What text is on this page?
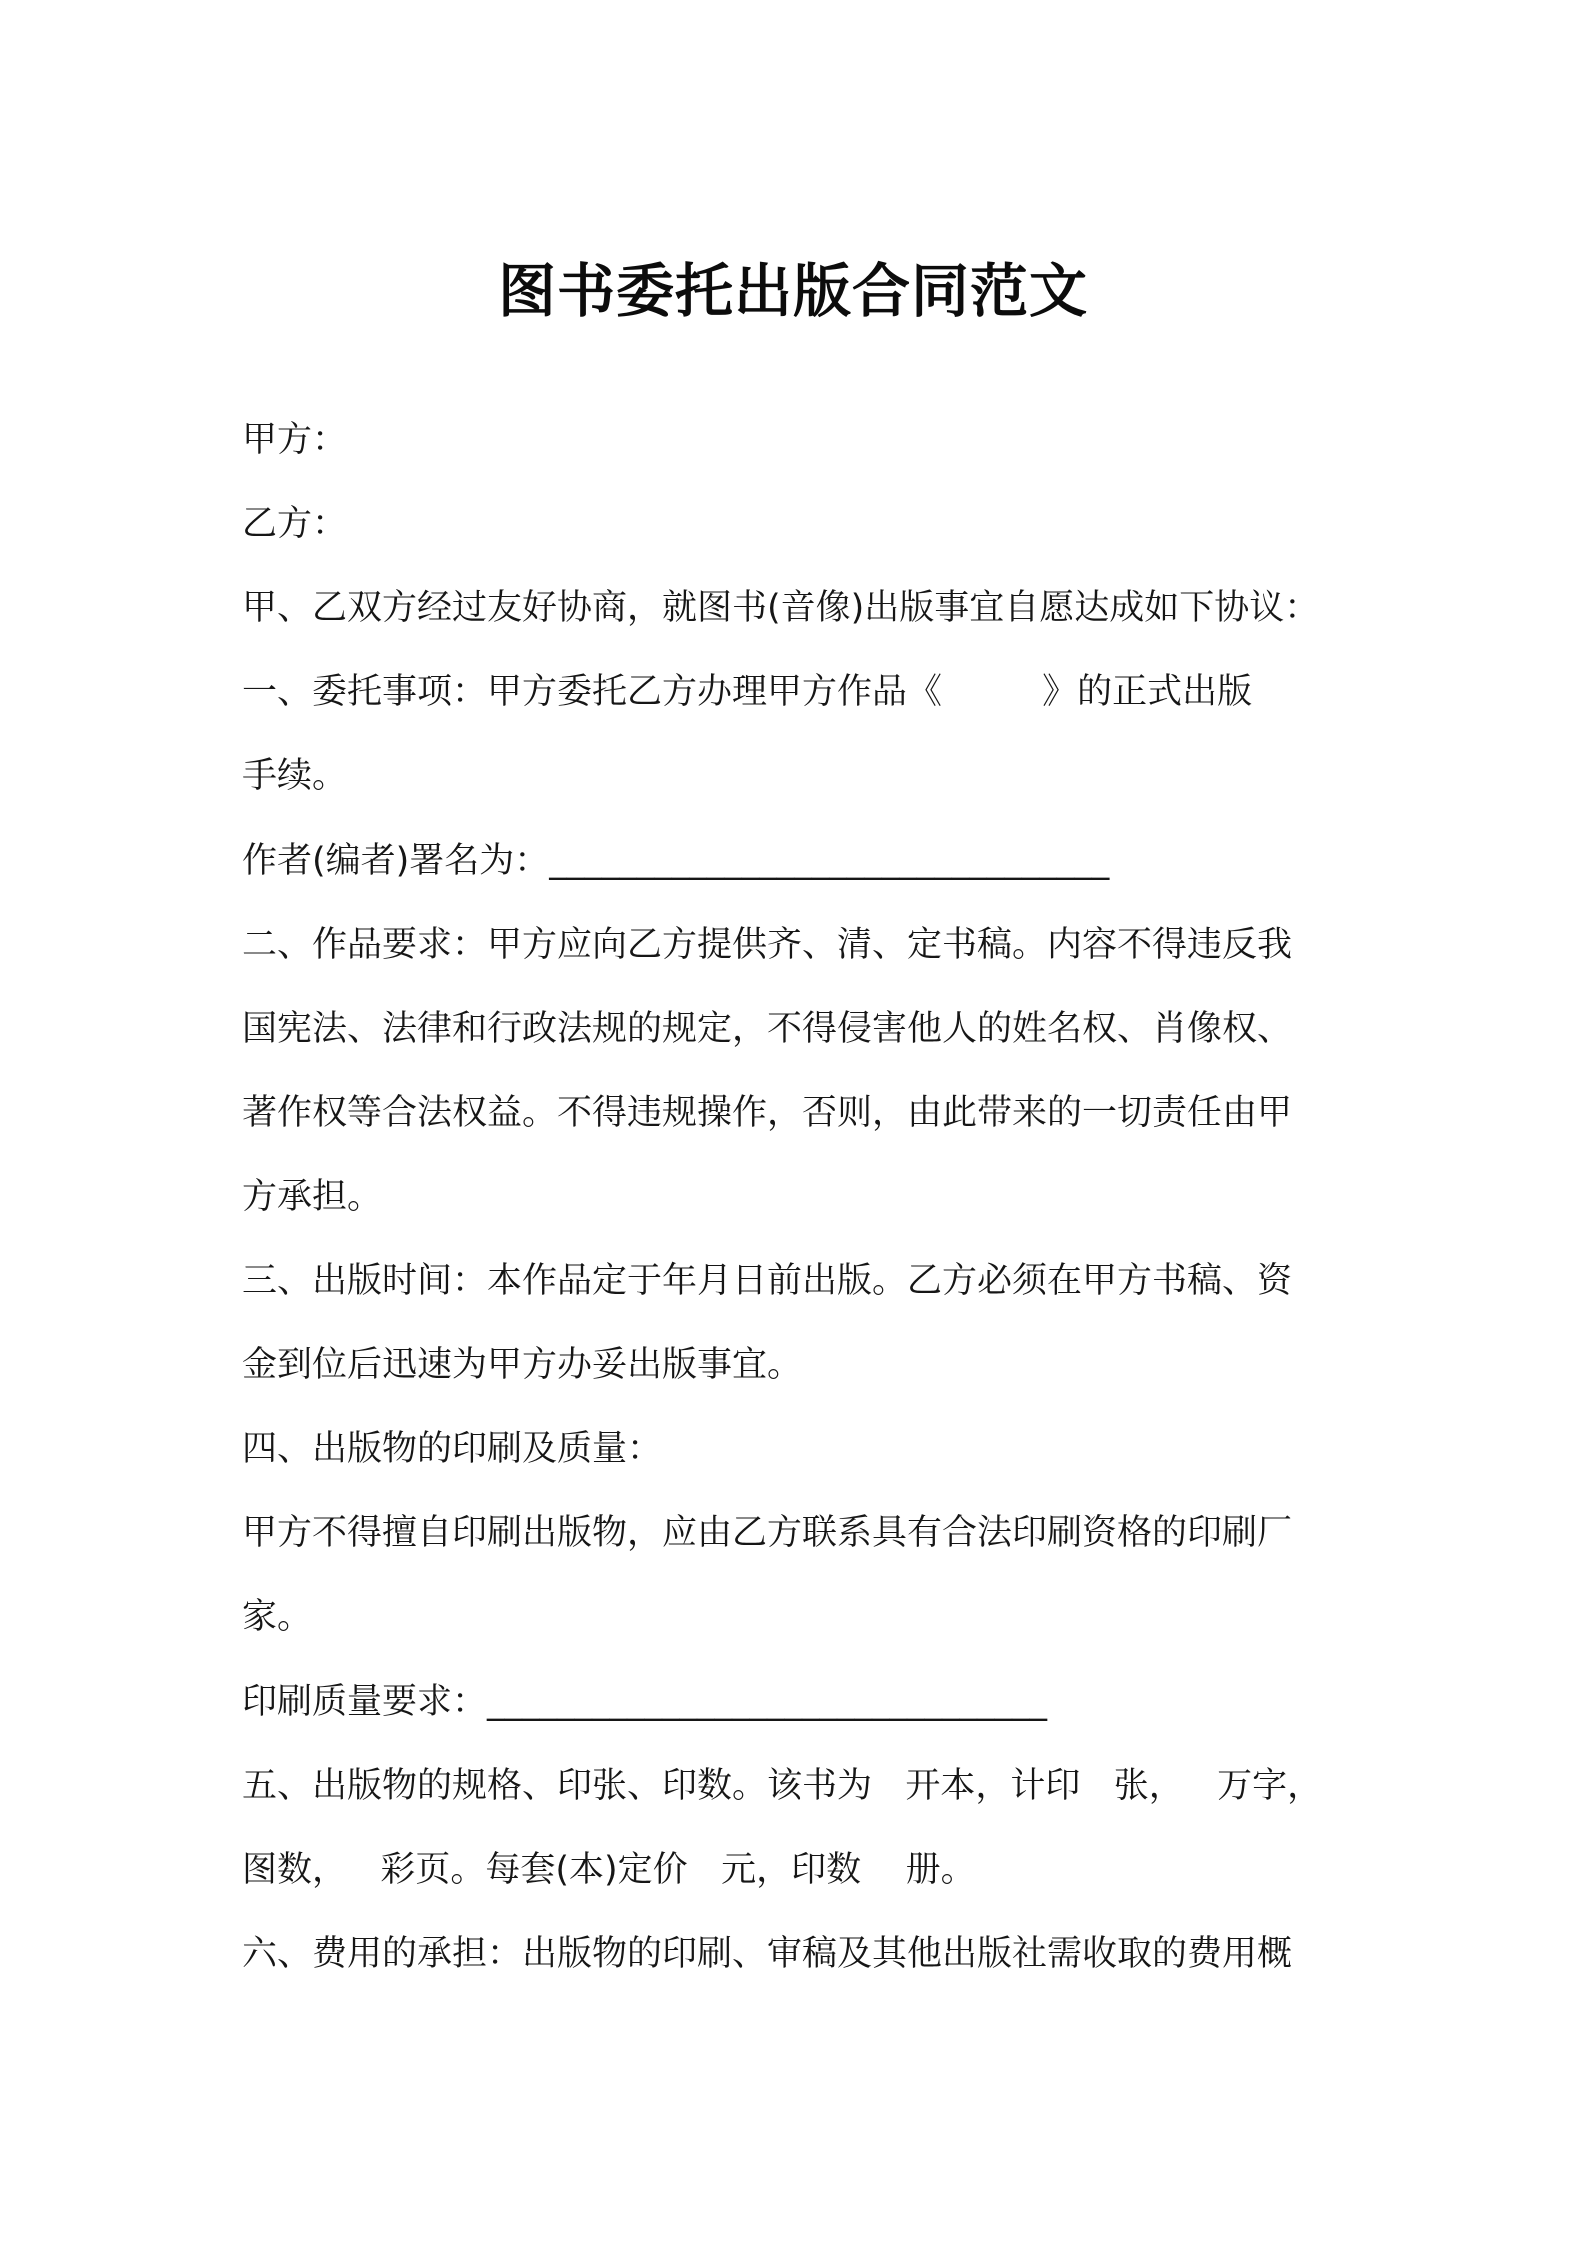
图书委托出版合同范文

甲方：

乙方：

甲、乙双方经过友好协商，就图书(音像)出版事宜自愿达成如下协议：

一、委托事项：甲方委托乙方办理甲方作品《         》的正式出版

手续。

作者(编者)署名为：________________________________

二、作品要求：甲方应向乙方提供齐、清、定书稿。内容不得违反我

国宪法、法律和行政法规的规定，不得侵害他人的姓名权、肖像权、

著作权等合法权益。不得违规操作，否则，由此带来的一切责任由甲

方承担。

三、出版时间：本作品定于年月日前出版。乙方必须在甲方书稿、资

金到位后迅速为甲方办妥出版事宜。

四、出版物的印刷及质量：

甲方不得擅自印刷出版物，应由乙方联系具有合法印刷资格的印刷厂

家。

印刷质量要求：________________________________

五、出版物的规格、印张、印数。该书为   开本，计印   张，   万字，

图数，   彩页。每套(本)定价   元，印数    册。

六、费用的承担：出版物的印刷、审稿及其他出版社需收取的费用概
